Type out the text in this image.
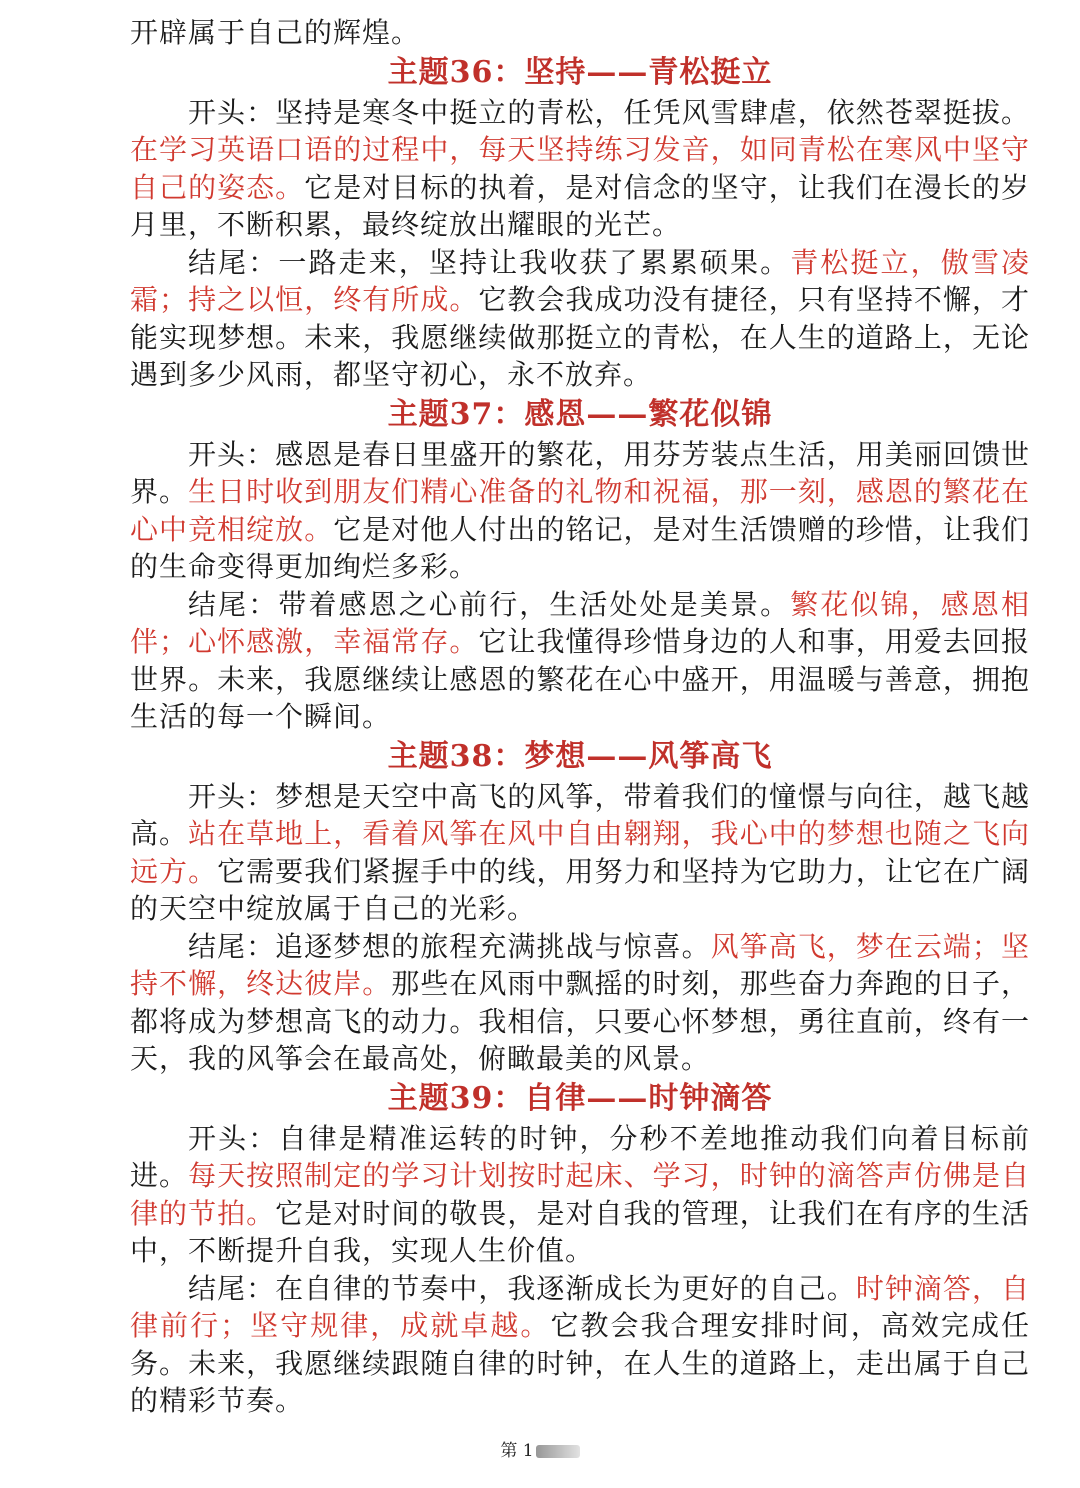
开辟属于自己的辉煌。

主题36：坚持——青松挺立

开头：坚持是寒冬中挺立的青松，任凭风雪肆虐，依然苍翠挺拔。在学习英语口语的过程中，每天坚持练习发音，如同青松在寒风中坚守自己的姿态。它是对目标的执着，是对信念的坚守，让我们在漫长的岁月里，不断积累，最终绽放出耀眼的光芒。

结尾：一路走来，坚持让我收获了累累硕果。青松挺立，傲雪凌霜；持之以恒，终有所成。它教会我成功没有捷径，只有坚持不懈，才能实现梦想。未来，我愿继续做那挺立的青松，在人生的道路上，无论遇到多少风雨，都坚守初心，永不放弃。

主题37：感恩——繁花似锦

开头：感恩是春日里盛开的繁花，用芬芳装点生活，用美丽回馈世界。生日时收到朋友们精心准备的礼物和祝福，那一刻，感恩的繁花在心中竞相绽放。它是对他人付出的铭记，是对生活馈赠的珍惜，让我们的生命变得更加绚烂多彩。

结尾：带着感恩之心前行，生活处处是美景。繁花似锦，感恩相伴；心怀感激，幸福常存。它让我懂得珍惜身边的人和事，用爱去回报世界。未来，我愿继续让感恩的繁花在心中盛开，用温暖与善意，拥抱生活的每一个瞬间。

主题38：梦想——风筝高飞

开头：梦想是天空中高飞的风筝，带着我们的憧憬与向往，越飞越高。站在草地上，看着风筝在风中自由翱翔，我心中的梦想也随之飞向远方。它需要我们紧握手中的线，用努力和坚持为它助力，让它在广阔的天空中绽放属于自己的光彩。

结尾：追逐梦想的旅程充满挑战与惊喜。风筝高飞，梦在云端；坚持不懈，终达彼岸。那些在风雨中飘摇的时刻，那些奋力奔跑的日子，都将成为梦想高飞的动力。我相信，只要心怀梦想，勇往直前，终有一天，我的风筝会在最高处，俯瞰最美的风景。

主题39：自律——时钟滴答

开头：自律是精准运转的时钟，分秒不差地推动我们向着目标前进。每天按照制定的学习计划按时起床、学习，时钟的滴答声仿佛是自律的节拍。它是对时间的敬畏，是对自我的管理，让我们在有序的生活中，不断提升自我，实现人生价值。

结尾：在自律的节奏中，我逐渐成长为更好的自己。时钟滴答，自律前行；坚守规律，成就卓越。它教会我合理安排时间，高效完成任务。未来，我愿继续跟随自律的时钟，在人生的道路上，走出属于自己的精彩节奏。

第 1
